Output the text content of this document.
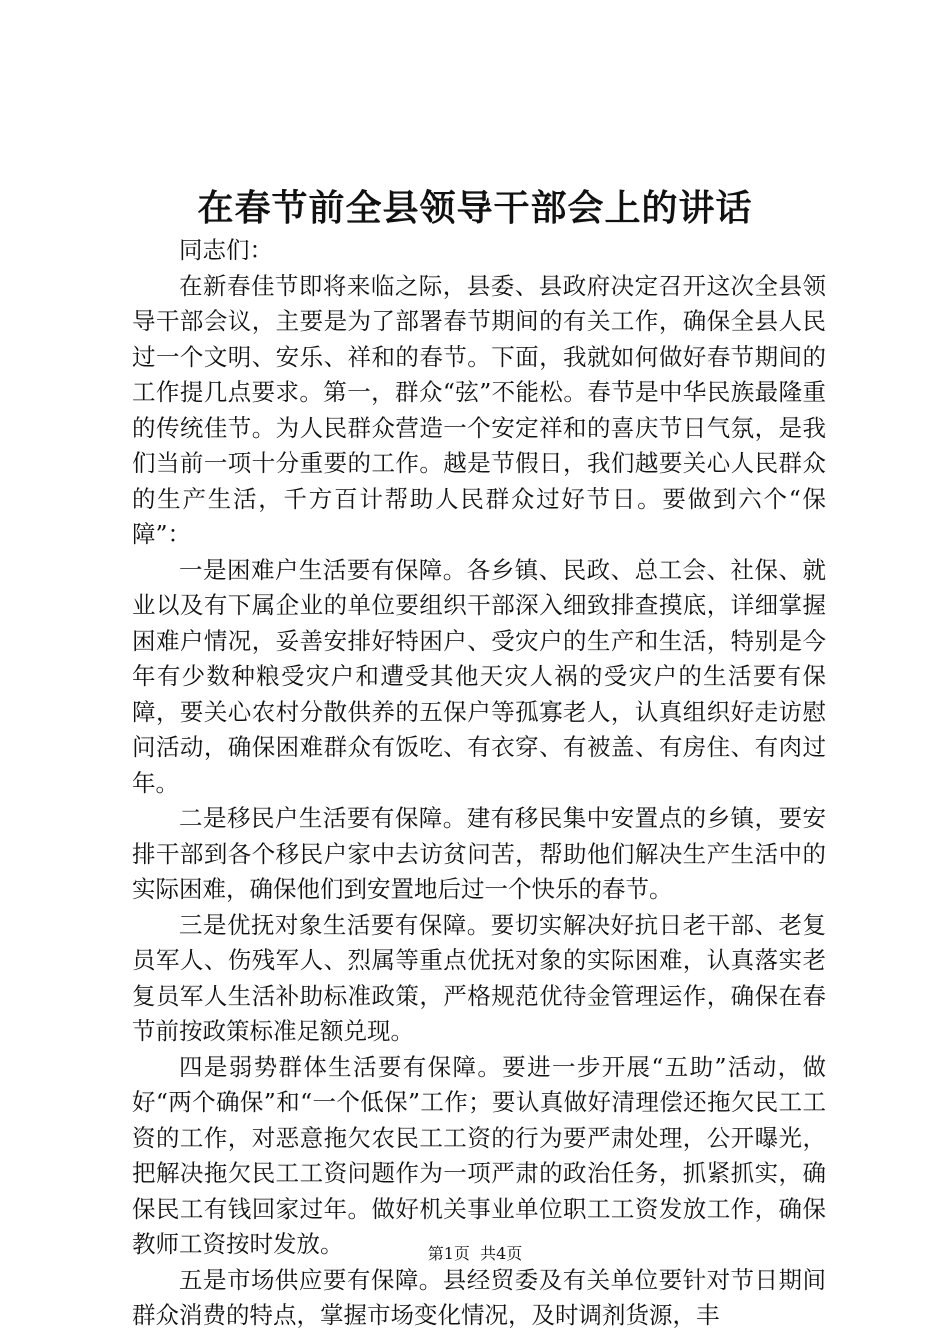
在春节前全县领导干部会上的讲话

同志们：

在新春佳节即将来临之际，县委、县政府决定召开这次全县领导干部会议，主要是为了部署春节期间的有关工作，确保全县人民过一个文明、安乐、祥和的春节。下面，我就如何做好春节期间的工作提几点要求。第一，群众“弦”不能松。春节是中华民族最隆重的传统佳节。为人民群众营造一个安定祥和的喜庆节日气氛，是我们当前一项十分重要的工作。越是节假日，我们越要关心人民群众的生产生活，千方百计帮助人民群众过好节日。要做到六个“保障”：

一是困难户生活要有保障。各乡镇、民政、总工会、社保、就业以及有下属企业的单位要组织干部深入细致排查摸底，详细掌握困难户情况，妥善安排好特困户、受灾户的生产和生活，特别是今年有少数种粮受灾户和遭受其他天灾人祸的受灾户的生活要有保障，要关心农村分散供养的五保户等孤寡老人，认真组织好走访慰问活动，确保困难群众有饭吃、有衣穿、有被盖、有房住、有肉过年。

二是移民户生活要有保障。建有移民集中安置点的乡镇，要安排干部到各个移民户家中去访贫问苦，帮助他们解决生产生活中的实际困难，确保他们到安置地后过一个快乐的春节。

三是优抚对象生活要有保障。要切实解决好抗日老干部、老复员军人、伤残军人、烈属等重点优抚对象的实际困难，认真落实老复员军人生活补助标准政策，严格规范优待金管理运作，确保在春节前按政策标准足额兑现。

四是弱势群体生活要有保障。要进一步开展“五助”活动，做好“两个确保”和“一个低保”工作；要认真做好清理偿还拖欠民工工资的工作，对恶意拖欠农民工工资的行为要严肃处理，公开曝光，把解决拖欠民工工资问题作为一项严肃的政治任务，抓紧抓实，确保民工有钱回家过年。做好机关事业单位职工工资发放工作，确保教师工资按时发放。

五是市场供应要有保障。县经贸委及有关单位要针对节日期间群众消费的特点，掌握市场变化情况，及时调剂货源，丰

第1页 共4页
